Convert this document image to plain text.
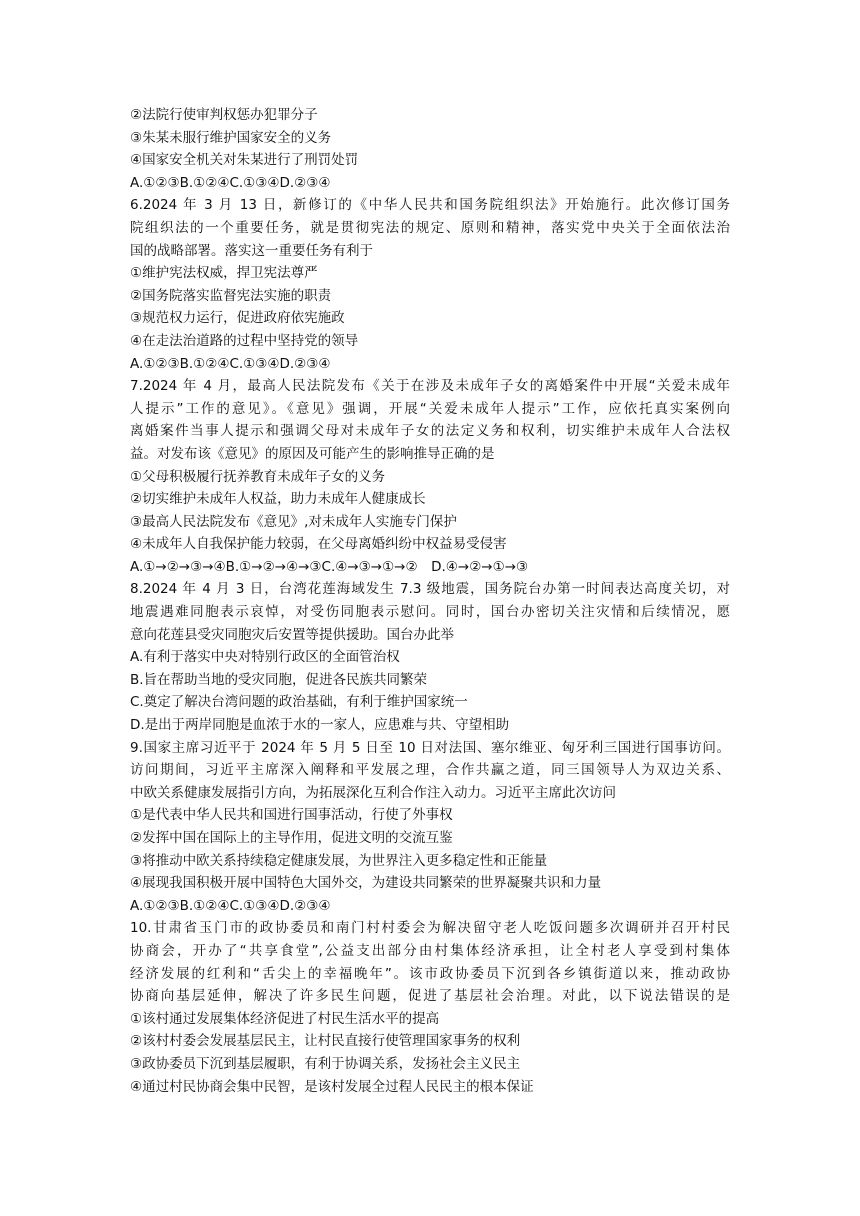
②法院行使审判权惩办犯罪分子
③朱某未服行维护国家安全的义务
④国家安全机关对朱某进行了刑罚处罚
A.①②③B.①②④C.①③④D.②③④
6.2024 年 3 月 13 日，新修订的《中华人民共和国务院组织法》开始施行。此次修订国务
院组织法的一个重要任务，就是贯彻宪法的规定、原则和精神，落实党中央关于全面依法治
国的战略部署。落实这一重要任务有利于
①维护宪法权威，捍卫宪法尊严
②国务院落实监督宪法实施的职责
③规范权力运行，促进政府依宪施政
④在走法治道路的过程中坚持党的领导
A.①②③B.①②④C.①③④D.②③④
7.2024 年 4 月，最高人民法院发布《关于在涉及未成年子女的离婚案件中开展“关爱未成年
人提示”工作的意见》。《意见》强调，开展“关爱未成年人提示”工作，应依托真实案例向
离婚案件当事人提示和强调父母对未成年子女的法定义务和权利，切实维护未成年人合法权
益。对发布该《意见》的原因及可能产生的影响推导正确的是
①父母积极履行抚养教育未成年子女的义务
②切实维护未成年人权益，助力未成年人健康成长
③最高人民法院发布《意见》,对未成年人实施专门保护
④未成年人自我保护能力较弱，在父母离婚纠纷中权益易受侵害
A.①→②→③→④B.①→②→④→③C.④→③→①→②　D.④→②→①→③
8.2024 年 4 月 3 日，台湾花莲海域发生 7.3 级地震，国务院台办第一时间表达高度关切，对
地震遇难同胞表示哀悼，对受伤同胞表示慰问。同时，国台办密切关注灾情和后续情况，愿
意向花莲县受灾同胞灾后安置等提供援助。国台办此举
A.有利于落实中央对特别行政区的全面管治权
B.旨在帮助当地的受灾同胞，促进各民族共同繁荣
C.奠定了解决台湾问题的政治基础，有利于维护国家统一
D.是出于两岸同胞是血浓于水的一家人，应患难与共、守望相助
9.国家主席习近平于 2024 年 5 月 5 日至 10 日对法国、塞尔维亚、匈牙利三国进行国事访问。
访问期间，习近平主席深入阐释和平发展之理，合作共赢之道，同三国领导人为双边关系、
中欧关系健康发展指引方向，为拓展深化互利合作注入动力。习近平主席此次访问
①是代表中华人民共和国进行国事活动，行使了外事权
②发挥中国在国际上的主导作用，促进文明的交流互鉴
③将推动中欧关系持续稳定健康发展，为世界注入更多稳定性和正能量
④展现我国积极开展中国特色大国外交，为建设共同繁荣的世界凝聚共识和力量
A.①②③B.①②④C.①③④D.②③④
10.甘肃省玉门市的政协委员和南门村村委会为解决留守老人吃饭问题多次调研并召开村民
协商会，开办了“共享食堂”,公益支出部分由村集体经济承担，让全村老人享受到村集体
经济发展的红利和“舌尖上的幸福晚年”。该市政协委员下沉到各乡镇街道以来，推动政协
协商向基层延伸，解决了许多民生问题，促进了基层社会治理。对此，以下说法错误的是
①该村通过发展集体经济促进了村民生活水平的提高
②该村村委会发展基层民主，让村民直接行使管理国家事务的权利
③政协委员下沉到基层履职，有利于协调关系，发扬社会主义民主
④通过村民协商会集中民智，是该村发展全过程人民民主的根本保证
